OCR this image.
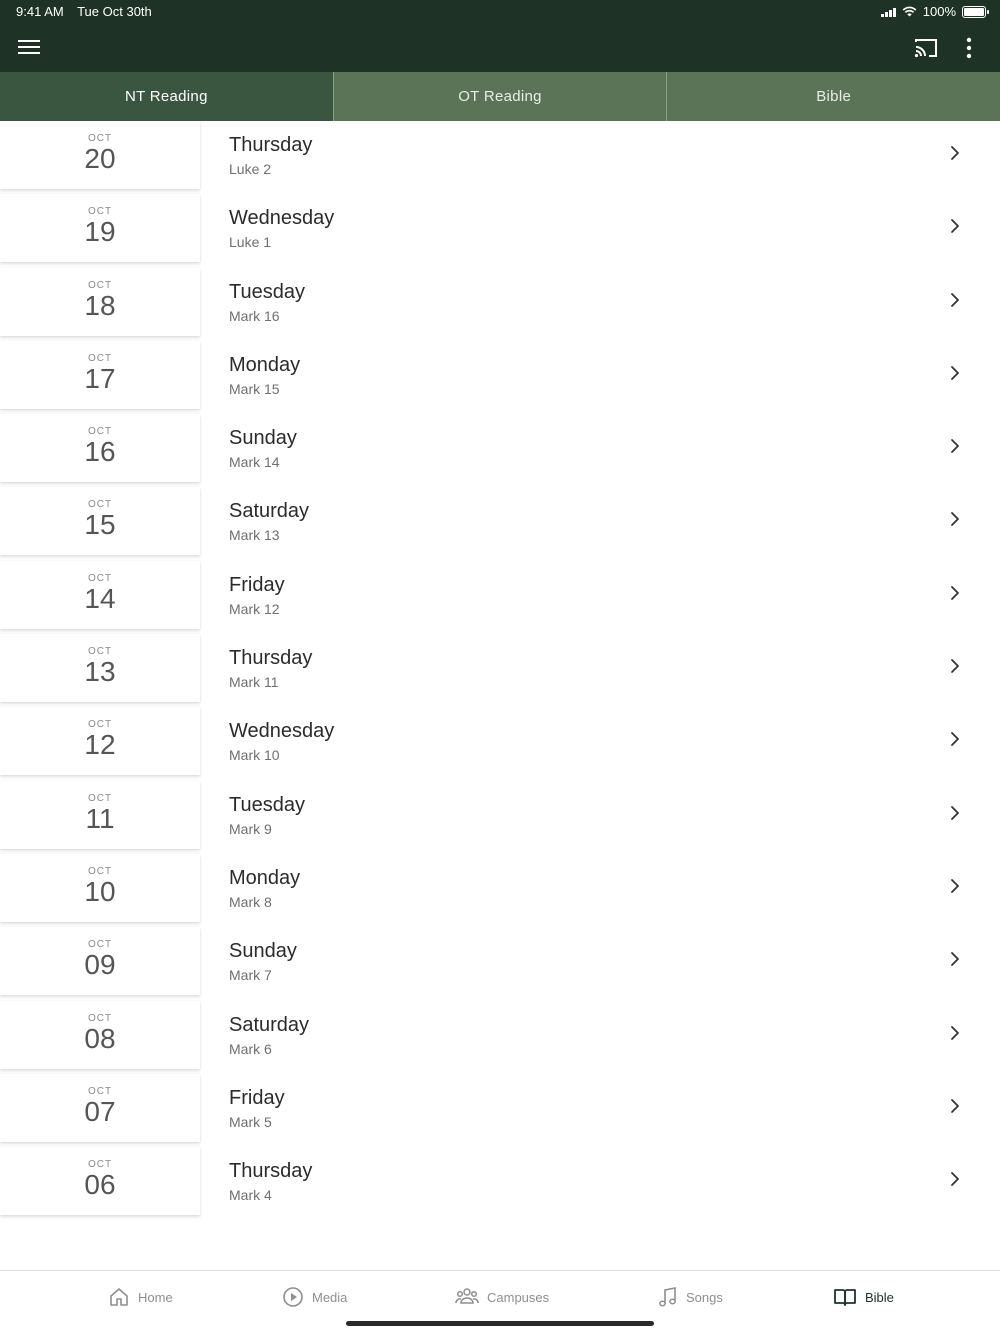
9:41 AM Tue Oct 30th	100%
NT Reading	OT Reading	Bible
OCT
20	Thursday
Luke 2
OCT
19	Wednesday
Luke 1
OCT
18	Tuesday
Mark 16
OCT
17	Monday
Mark 15
OCT
16	Sunday
Mark 14
OCT
15	Saturday
Mark 13
OCT
14	Friday
Mark 12
OCT
13	Thursday
Mark 11
OCT
12	Wednesday
Mark 10
OCT
11	Tuesday
Mark 9
OCT
10	Monday
Mark 8
OCT
09	Sunday
Mark 7
OCT
08	Saturday
Mark 6
OCT
07	Friday
Mark 5
OCT
06	Thursday
Mark 4
Home	Media	Campuses	Songs	Bible
